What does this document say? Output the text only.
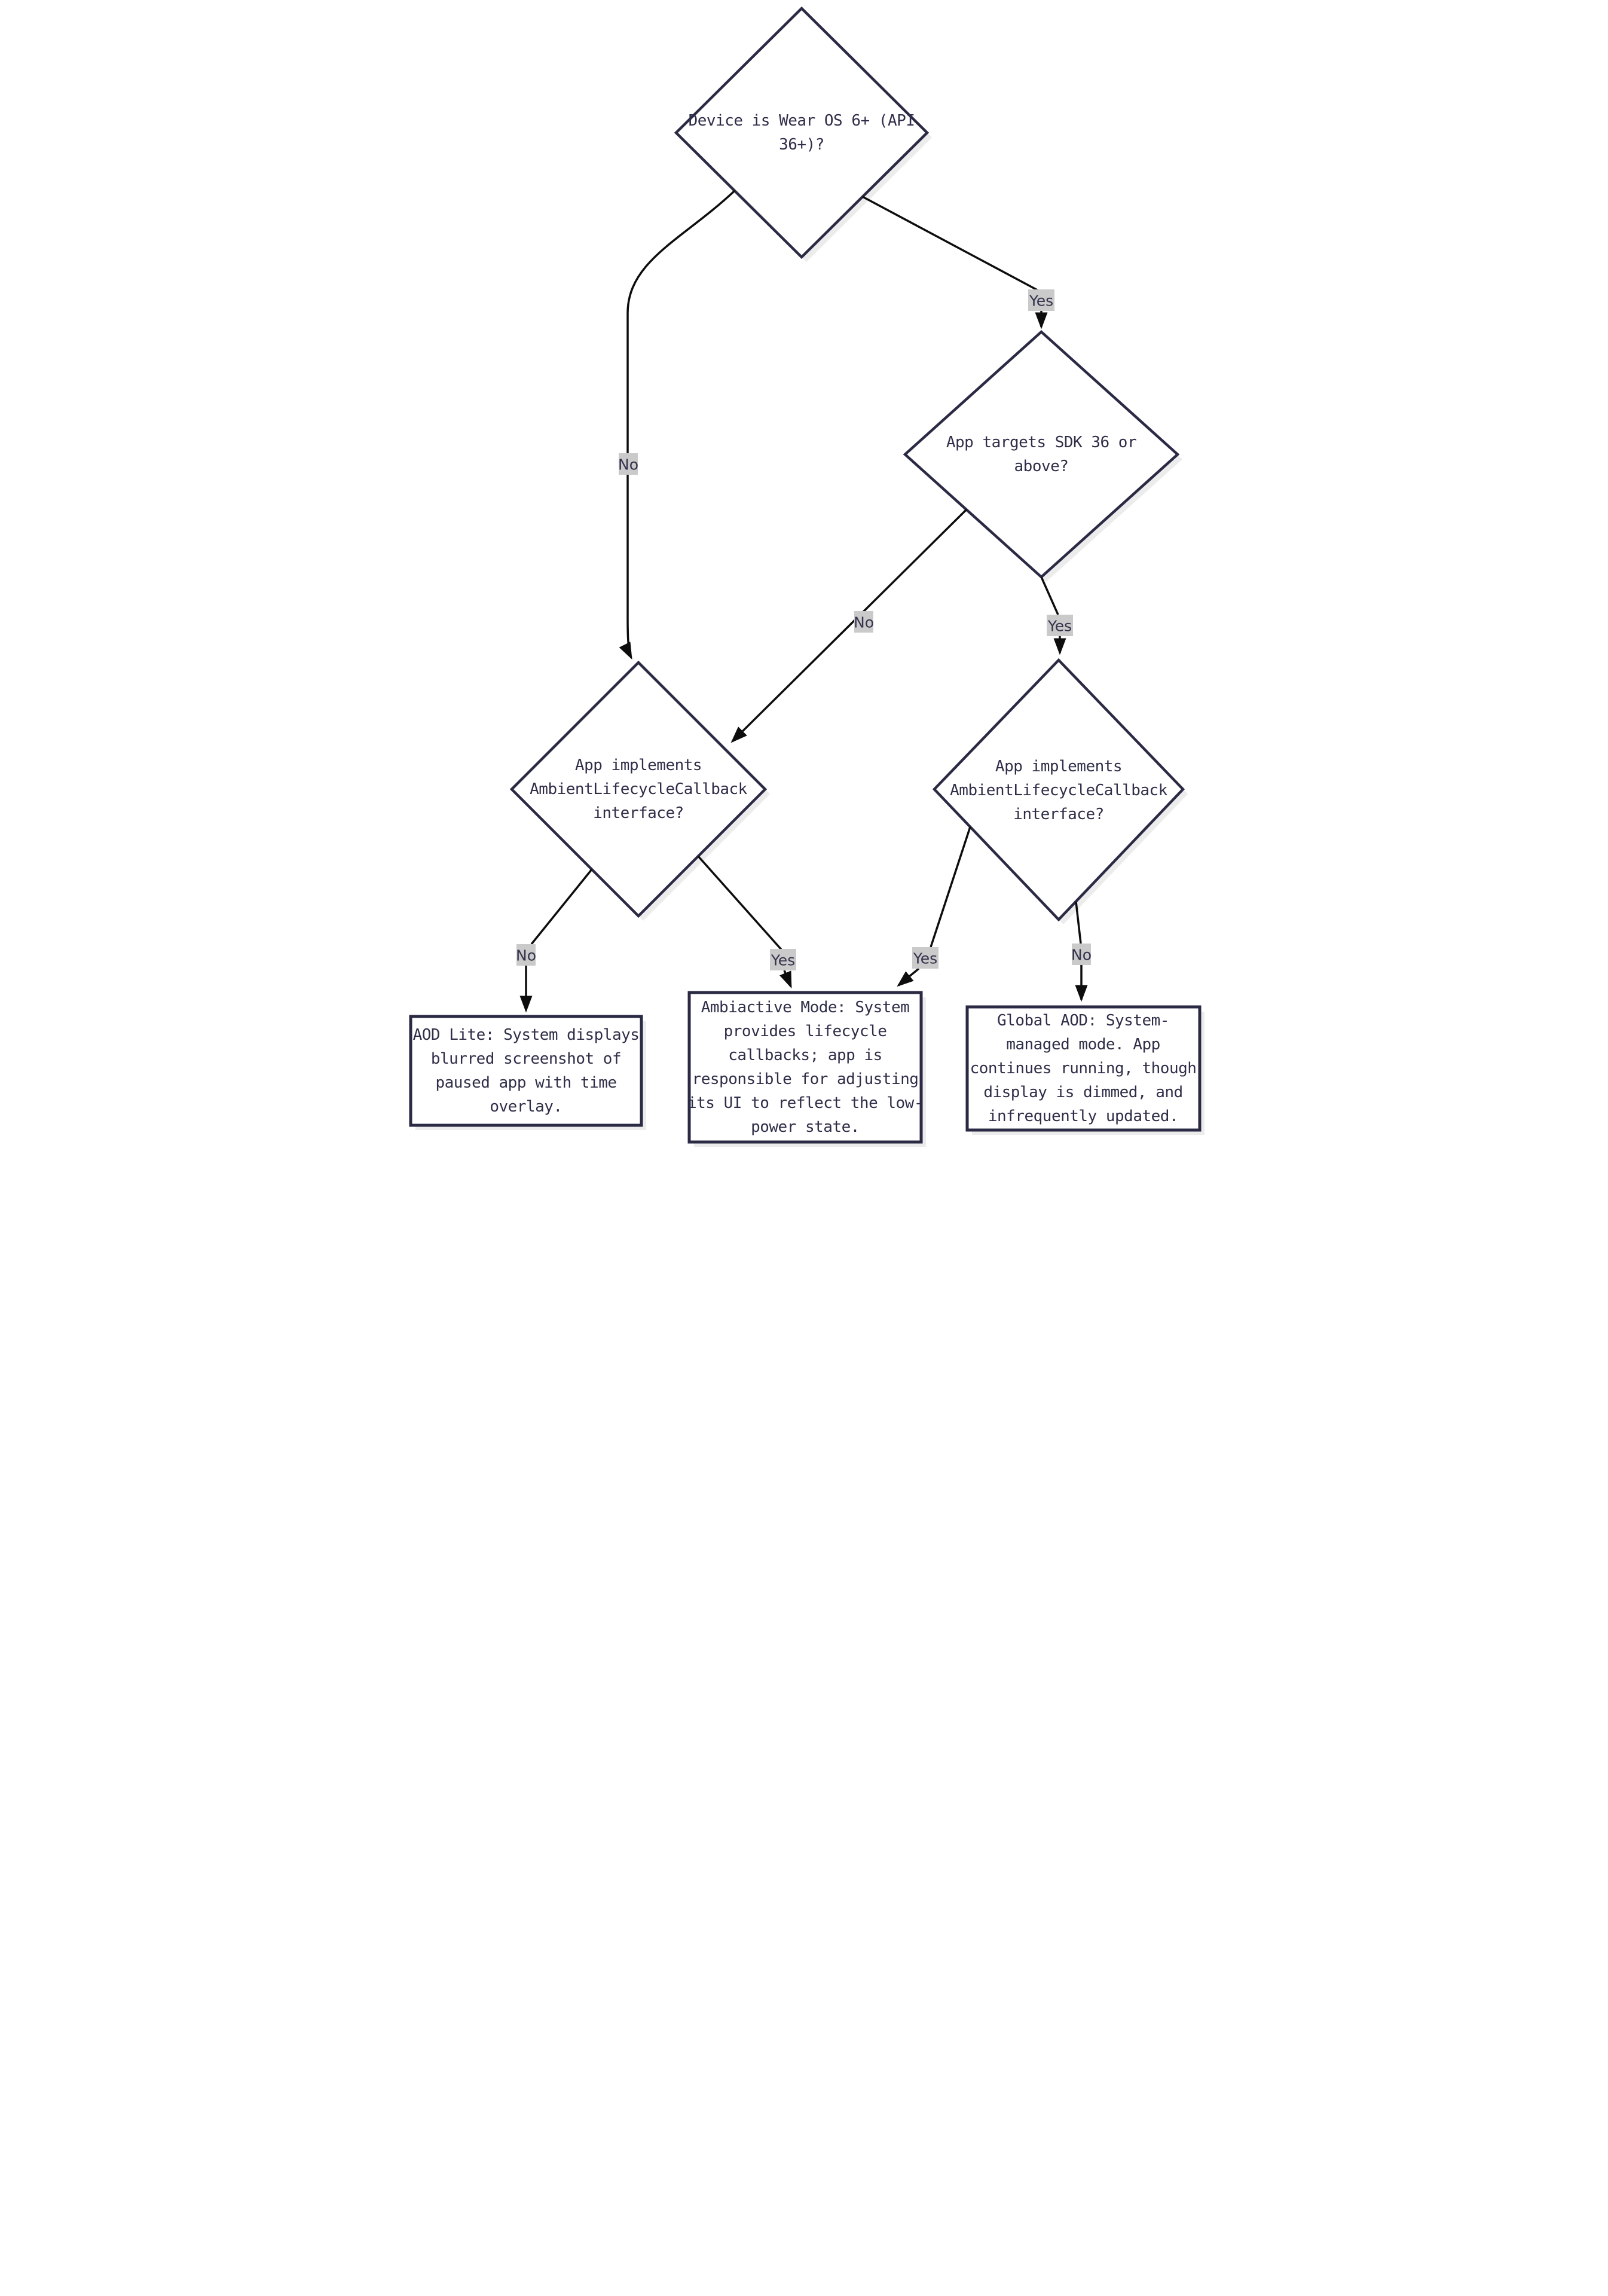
Device is Wear OS 6+ (API 36+)?
App targets SDK 36 or above?
App implements AmbientLifecycleCallback interface?
App implements AmbientLifecycleCallback interface?
AOD Lite: System displays blurred screenshot of paused app with time overlay.
Ambiactive Mode: System provides lifecycle callbacks; app is responsible for adjusting its UI to reflect the low-power state.
Global AOD: System-managed mode. App continues running, though display is dimmed, and infrequently updated.
Yes
No
No	Yes
No	Yes	Yes	No
